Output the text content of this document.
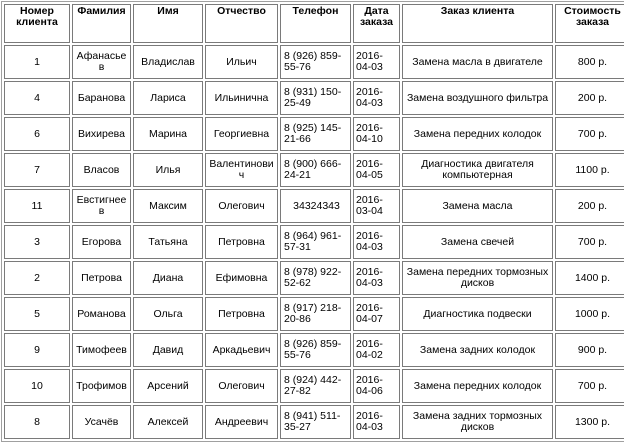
Номер клиента	Фамилия	Имя	Отчество	Телефон	Дата заказа	Заказ клиента	Стоимость заказа
1	Афанасьев	Владислав	Ильич	8 (926) 859-55-76	2016-04-03	Замена масла в двигателе	800 р.
4	Баранова	Лариса	Ильинична	8 (931) 150-25-49	2016-04-03	Замена воздушного фильтра	200 р.
6	Вихирева	Марина	Георгиевна	8 (925) 145-21-66	2016-04-10	Замена передних колодок	700 р.
7	Власов	Илья	Валентинович	8 (900) 666-24-21	2016-04-05	Диагностика двигателя компьютерная	1100 р.
11	Евстигнеев	Максим	Олегович	34324343	2016-03-04	Замена масла	200 р.
3	Егорова	Татьяна	Петровна	8 (964) 961-57-31	2016-04-03	Замена свечей	700 р.
2	Петрова	Диана	Ефимовна	8 (978) 922-52-62	2016-04-03	Замена передних тормозных дисков	1400 р.
5	Романова	Ольга	Петровна	8 (917) 218-20-86	2016-04-07	Диагностика подвески	1000 р.
9	Тимофеев	Давид	Аркадьевич	8 (926) 859-55-76	2016-04-02	Замена задних колодок	900 р.
10	Трофимов	Арсений	Олегович	8 (924) 442-27-82	2016-04-06	Замена передних колодок	700 р.
8	Усачёв	Алексей	Андреевич	8 (941) 511-35-27	2016-04-03	Замена задних тормозных дисков	1300 р.
